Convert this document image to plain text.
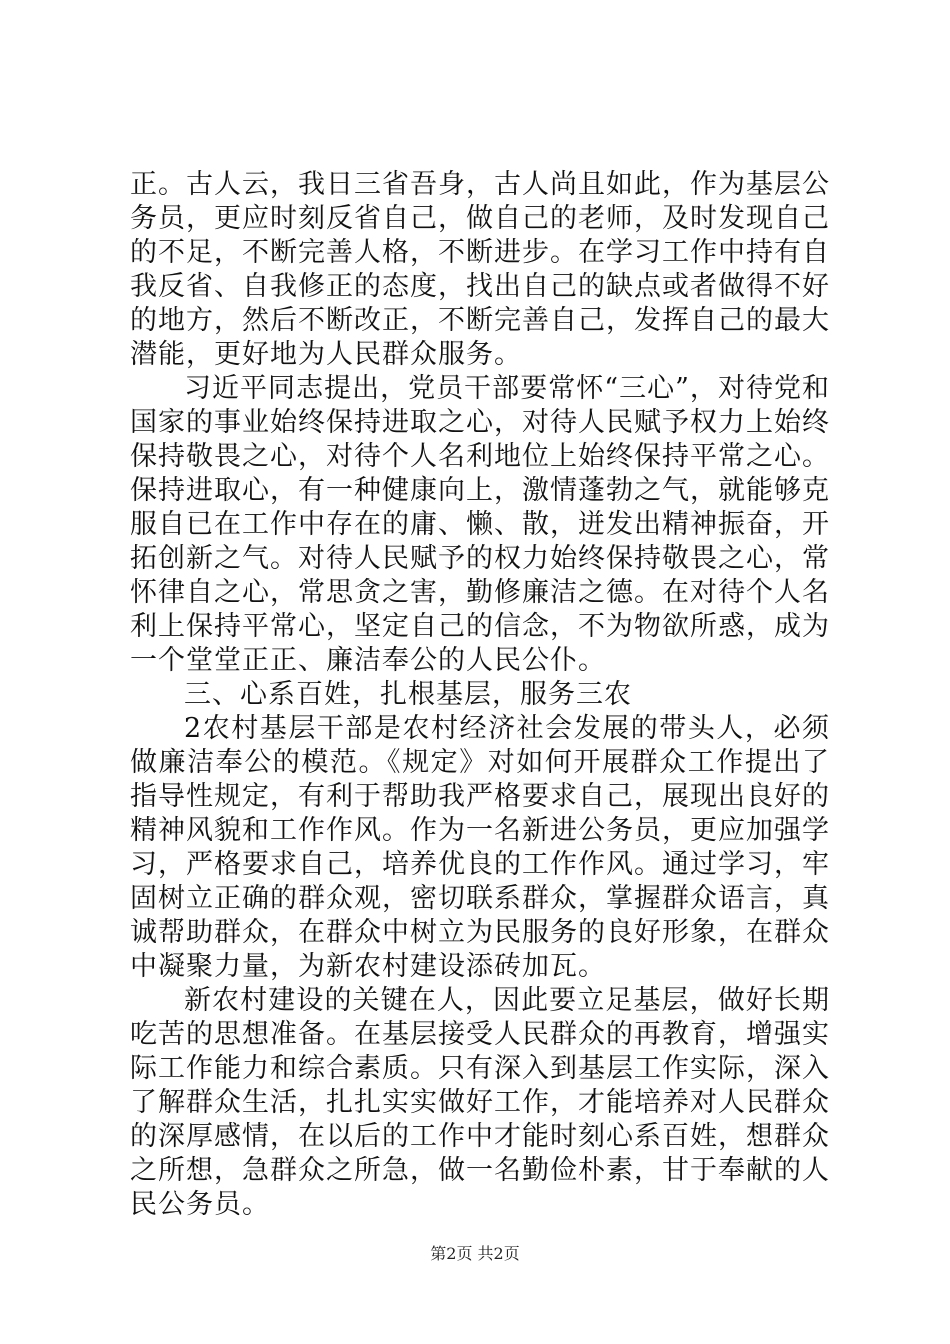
正。古人云，我日三省吾身，古人尚且如此，作为基层公务员，更应时刻反省自己，做自己的老师，及时发现自己的不足，不断完善人格，不断进步。在学习工作中持有自我反省、自我修正的态度，找出自己的缺点或者做得不好的地方，然后不断改正，不断完善自己，发挥自己的最大潜能，更好地为人民群众服务。

习近平同志提出，党员干部要常怀“三心”，对待党和国家的事业始终保持进取之心，对待人民赋予权力上始终保持敬畏之心，对待个人名利地位上始终保持平常之心。保持进取心，有一种健康向上，激情蓬勃之气，就能够克服自已在工作中存在的庸、懒、散，迸发出精神振奋，开拓创新之气。对待人民赋予的权力始终保持敬畏之心，常怀律自之心，常思贪之害，勤修廉洁之德。在对待个人名利上保持平常心，坚定自己的信念，不为物欲所惑，成为一个堂堂正正、廉洁奉公的人民公仆。

三、心系百姓，扎根基层，服务三农

2农村基层干部是农村经济社会发展的带头人，必须做廉洁奉公的模范。《规定》对如何开展群众工作提出了指导性规定，有利于帮助我严格要求自己，展现出良好的精神风貌和工作作风。作为一名新进公务员，更应加强学习，严格要求自己，培养优良的工作作风。通过学习，牢固树立正确的群众观，密切联系群众，掌握群众语言，真诚帮助群众，在群众中树立为民服务的良好形象，在群众中凝聚力量，为新农村建设添砖加瓦。

新农村建设的关键在人，因此要立足基层，做好长期吃苦的思想准备。在基层接受人民群众的再教育，增强实际工作能力和综合素质。只有深入到基层工作实际，深入了解群众生活，扎扎实实做好工作，才能培养对人民群众的深厚感情，在以后的工作中才能时刻心系百姓，想群众之所想，急群众之所急，做一名勤俭朴素，甘于奉献的人民公务员。

第2页 共2页
